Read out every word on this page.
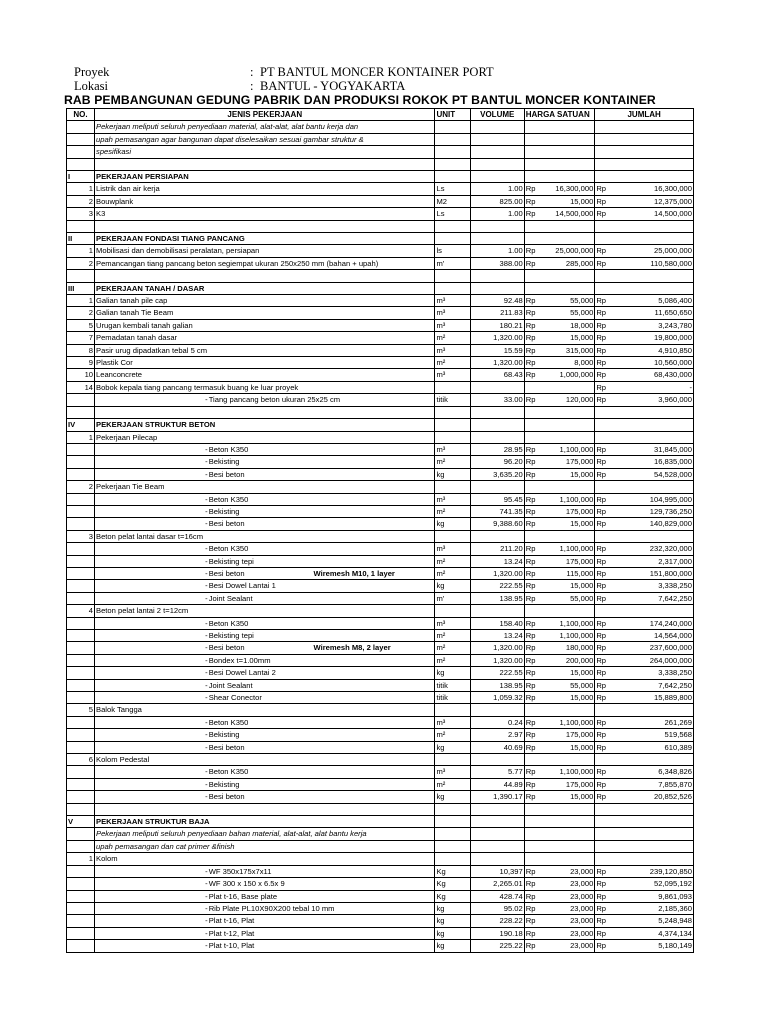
Proyek	: PT BANTUL MONCER KONTAINER PORT
Lokasi	: BANTUL - YOGYAKARTA
RAB PEMBANGUNAN GEDUNG PABRIK DAN PRODUKSI ROKOK PT BANTUL MONCER KONTAINER
NO.	JENIS PEKERJAAN			UNIT	VOLUME	HARGA SATUAN		JUMLAH	
	Pekerjaan meliputi seluruh penyediaan material, alat-alat, alat bantu kerja dan								
	upah pemasangan agar bangunan dapat diselesaikan sesuai gambar struktur &								
	spesifikasi								

I	PEKERJAAN PERSIAPAN								
1	Listrik dan air kerja			Ls	1.00	Rp	16,300,000	Rp	16,300,000
2	Bouwplank			M2	825.00	Rp	15,000	Rp	12,375,000
3	K3			Ls	1.00	Rp	14,500,000	Rp	14,500,000

II	PEKERJAAN FONDASI TIANG PANCANG								
1	Mobilisasi dan demobilisasi peralatan, persiapan			ls	1.00	Rp	25,000,000	Rp	25,000,000
2	Pemancangan tiang pancang beton segiempat ukuran 250x250 mm (bahan + upah)			m'	388.00	Rp	285,000	Rp	110,580,000

III	PEKERJAAN TANAH / DASAR								
1	Galian tanah pile cap			m³	92.48	Rp	55,000	Rp	5,086,400
2	Galian tanah Tie Beam			m³	211.83	Rp	55,000	Rp	11,650,650
5	Urugan kembali tanah galian			m³	180.21	Rp	18,000	Rp	3,243,780
7	Pemadatan tanah dasar			m²	1,320.00	Rp	15,000	Rp	19,800,000
8	Pasir urug dipadatkan tebal 5 cm			m³	15.59	Rp	315,000	Rp	4,910,850
9	Plastik Cor			m²	1,320.00	Rp	8,000	Rp	10,560,000
10	Leanconcrete			m³	68.43	Rp	1,000,000	Rp	68,430,000
14	Bobok kepala tiang pancang termasuk buang ke luar proyek							Rp	-
	-	Tiang pancang beton ukuran 25x25 cm		titik	33.00	Rp	120,000	Rp	3,960,000

IV	PEKERJAAN STRUKTUR BETON								
1	Pekerjaan Pilecap								
	-	Beton K350		m³	28.95	Rp	1,100,000	Rp	31,845,000
	-	Bekisting		m²	96.20	Rp	175,000	Rp	16,835,000
	-	Besi beton		kg	3,635.20	Rp	15,000	Rp	54,528,000
2	Pekerjaan Tie Beam								
	-	Beton K350		m³	95.45	Rp	1,100,000	Rp	104,995,000
	-	Bekisting		m²	741.35	Rp	175,000	Rp	129,736,250
	-	Besi beton		kg	9,388.60	Rp	15,000	Rp	140,829,000
3	Beton pelat lantai dasar t=16cm								
	-	Beton K350		m³	211.20	Rp	1,100,000	Rp	232,320,000
	-	Bekisting tepi		m²	13.24	Rp	175,000	Rp	2,317,000
	-	Besi beton	Wiremesh M10, 1 layer	m²	1,320.00	Rp	115,000	Rp	151,800,000
	-	Besi Dowel Lantai 1		kg	222.55	Rp	15,000	Rp	3,338,250
	-	Joint Sealant		m'	138.95	Rp	55,000	Rp	7,642,250
4	Beton pelat lantai 2 t=12cm								
	-	Beton K350		m³	158.40	Rp	1,100,000	Rp	174,240,000
	-	Bekisting tepi		m²	13.24	Rp	1,100,000	Rp	14,564,000
	-	Besi beton	Wiremesh M8, 2 layer	m²	1,320.00	Rp	180,000	Rp	237,600,000
	-	Bondex t=1.00mm		m²	1,320.00	Rp	200,000	Rp	264,000,000
	-	Besi Dowel Lantai 2		kg	222.55	Rp	15,000	Rp	3,338,250
	-	Joint Sealant		titik	138.95	Rp	55,000	Rp	7,642,250
	-	Shear Conector		titik	1,059.32	Rp	15,000	Rp	15,889,800
5	Balok Tangga								
	-	Beton K350		m³	0.24	Rp	1,100,000	Rp	261,269
	-	Bekisting		m²	2.97	Rp	175,000	Rp	519,568
	-	Besi beton		kg	40.69	Rp	15,000	Rp	610,389
6	Kolom Pedestal								
	-	Beton K350		m³	5.77	Rp	1,100,000	Rp	6,348,826
	-	Bekisting		m²	44.89	Rp	175,000	Rp	7,855,870
	-	Besi beton		kg	1,390.17	Rp	15,000	Rp	20,852,526

V	PEKERJAAN STRUKTUR BAJA								
	Pekerjaan meliputi seluruh penyediaan bahan material, alat-alat, alat bantu kerja								
	upah pemasangan dan cat primer &finish								
1	Kolom								
	-	WF 350x175x7x11		Kg	10,397	Rp	23,000	Rp	239,120,850
	-	WF 300 x 150 x 6.5x 9		Kg	2,265.01	Rp	23,000	Rp	52,095,192
	-	Plat t-16, Base plate		Kg	428.74	Rp	23,000	Rp	9,861,093
	-	Rib Plate PL10X90X200 tebal 10 mm		kg	95.02	Rp	23,000	Rp	2,185,360
	-	Plat t-16, Plat		kg	228.22	Rp	23,000	Rp	5,248,948
	-	Plat t-12, Plat		kg	190.18	Rp	23,000	Rp	4,374,134
	-	Plat t-10, Plat		kg	225.22	Rp	23,000	Rp	5,180,149
